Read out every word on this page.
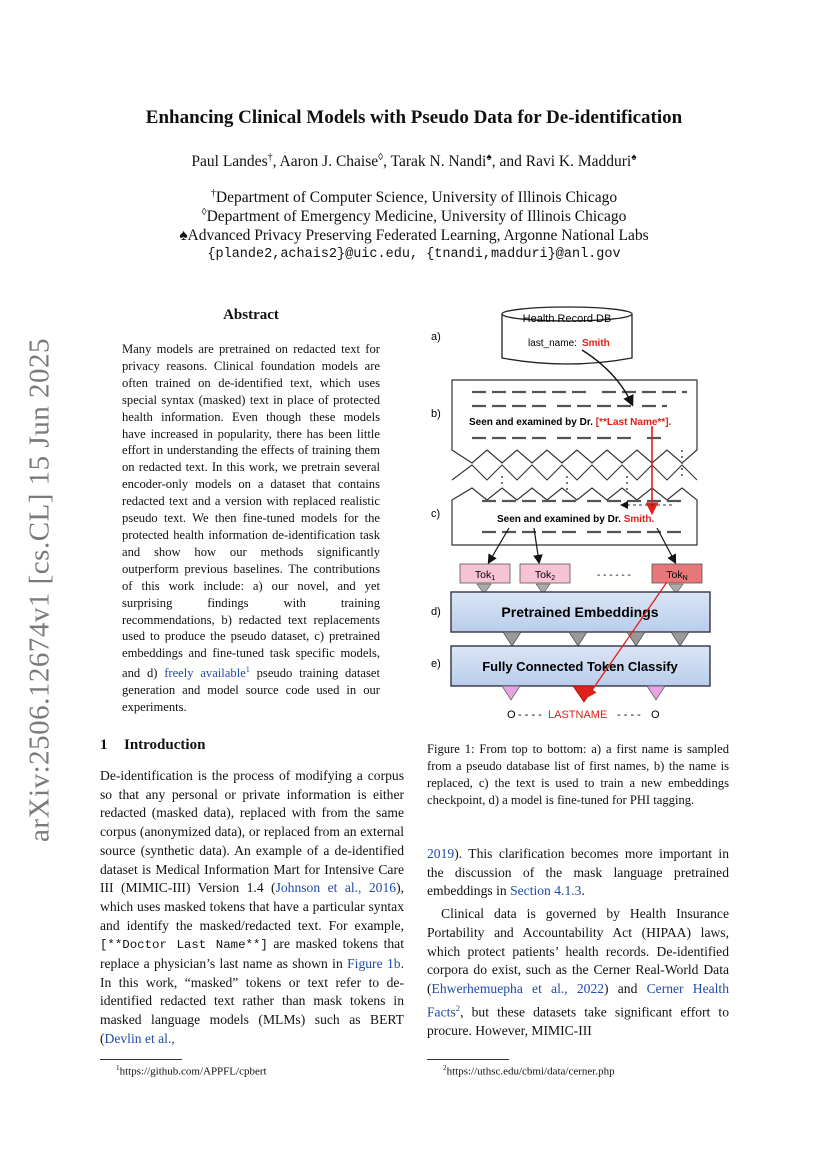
arXiv:2506.12674v1 [cs.CL] 15 Jun 2025
Enhancing Clinical Models with Pseudo Data for De-identification
Paul Landes†, Aaron J. Chaise◊, Tarak N. Nandi♠, and Ravi K. Madduri♠
†Department of Computer Science, University of Illinois Chicago
◊Department of Emergency Medicine, University of Illinois Chicago
♠Advanced Privacy Preserving Federated Learning, Argonne National Labs
{plande2,achais2}@uic.edu, {tnandi,madduri}@anl.gov
Abstract
Many models are pretrained on redacted text for privacy reasons. Clinical foundation models are often trained on de-identified text, which uses special syntax (masked) text in place of protected health information. Even though these models have increased in popularity, there has been little effort in understanding the effects of training them on redacted text. In this work, we pretrain several encoder-only models on a dataset that contains redacted text and a version with replaced realistic pseudo text. We then fine-tuned models for the protected health information de-identification task and show how our methods significantly outperform previous baselines. The contributions of this work include: a) our novel, and yet surprising findings with training recommendations, b) redacted text replacements used to produce the pseudo dataset, c) pretrained embeddings and fine-tuned task specific models, and d) freely available$^1$ pseudo training dataset generation and model source code used in our experiments.
1 Introduction
De-identification is the process of modifying a corpus so that any personal or private information is either redacted (masked data), replaced with from the same corpus (anonymized data), or replaced from an external source (synthetic data). An example of a de-identified dataset is Medical Information Mart for Intensive Care III (MIMIC-III) Version 1.4 (Johnson et al., 2016), which uses masked tokens that have a particular syntax and identify the masked/redacted text. For example, [**Doctor Last Name**] are masked tokens that replace a physician’s last name as shown in Figure 1b. In this work, “masked” tokens or text refer to de-identified redacted text rather than mask tokens in masked language models (MLMs) such as BERT (Devlin et al.,
a)
b)
c)
d)
e)
Health Record DB
last_name: Smith
Seen and examined by Dr. [**Last Name**].
Seen and examined by Dr. Smith.
Tok1	Tok2	- - - - - -	TokN
Pretrained Embeddings
Fully Connected Token Classify
O - - - - LASTNAME - - - - O
Figure 1: From top to bottom: a) a first name is sampled from a pseudo database list of first names, b) the name is replaced, c) the text is used to train a new embeddings checkpoint, d) a model is fine-tuned for PHI tagging.

2019). This clarification becomes more important in the discussion of the mask language pretrained embeddings in Section 4.1.3.

Clinical data is governed by Health Insurance Portability and Accountability Act (HIPAA) laws, which protect patients’ health records. De-identified corpora do exist, such as the Cerner Real-World Data (Ehwerhemuepha et al., 2022) and Cerner Health Facts$^2$, but these datasets take significant effort to procure. However, MIMIC-III

$^1$https://github.com/APPFL/cpbert	$^2$https://uthsc.edu/cbmi/data/cerner.php
